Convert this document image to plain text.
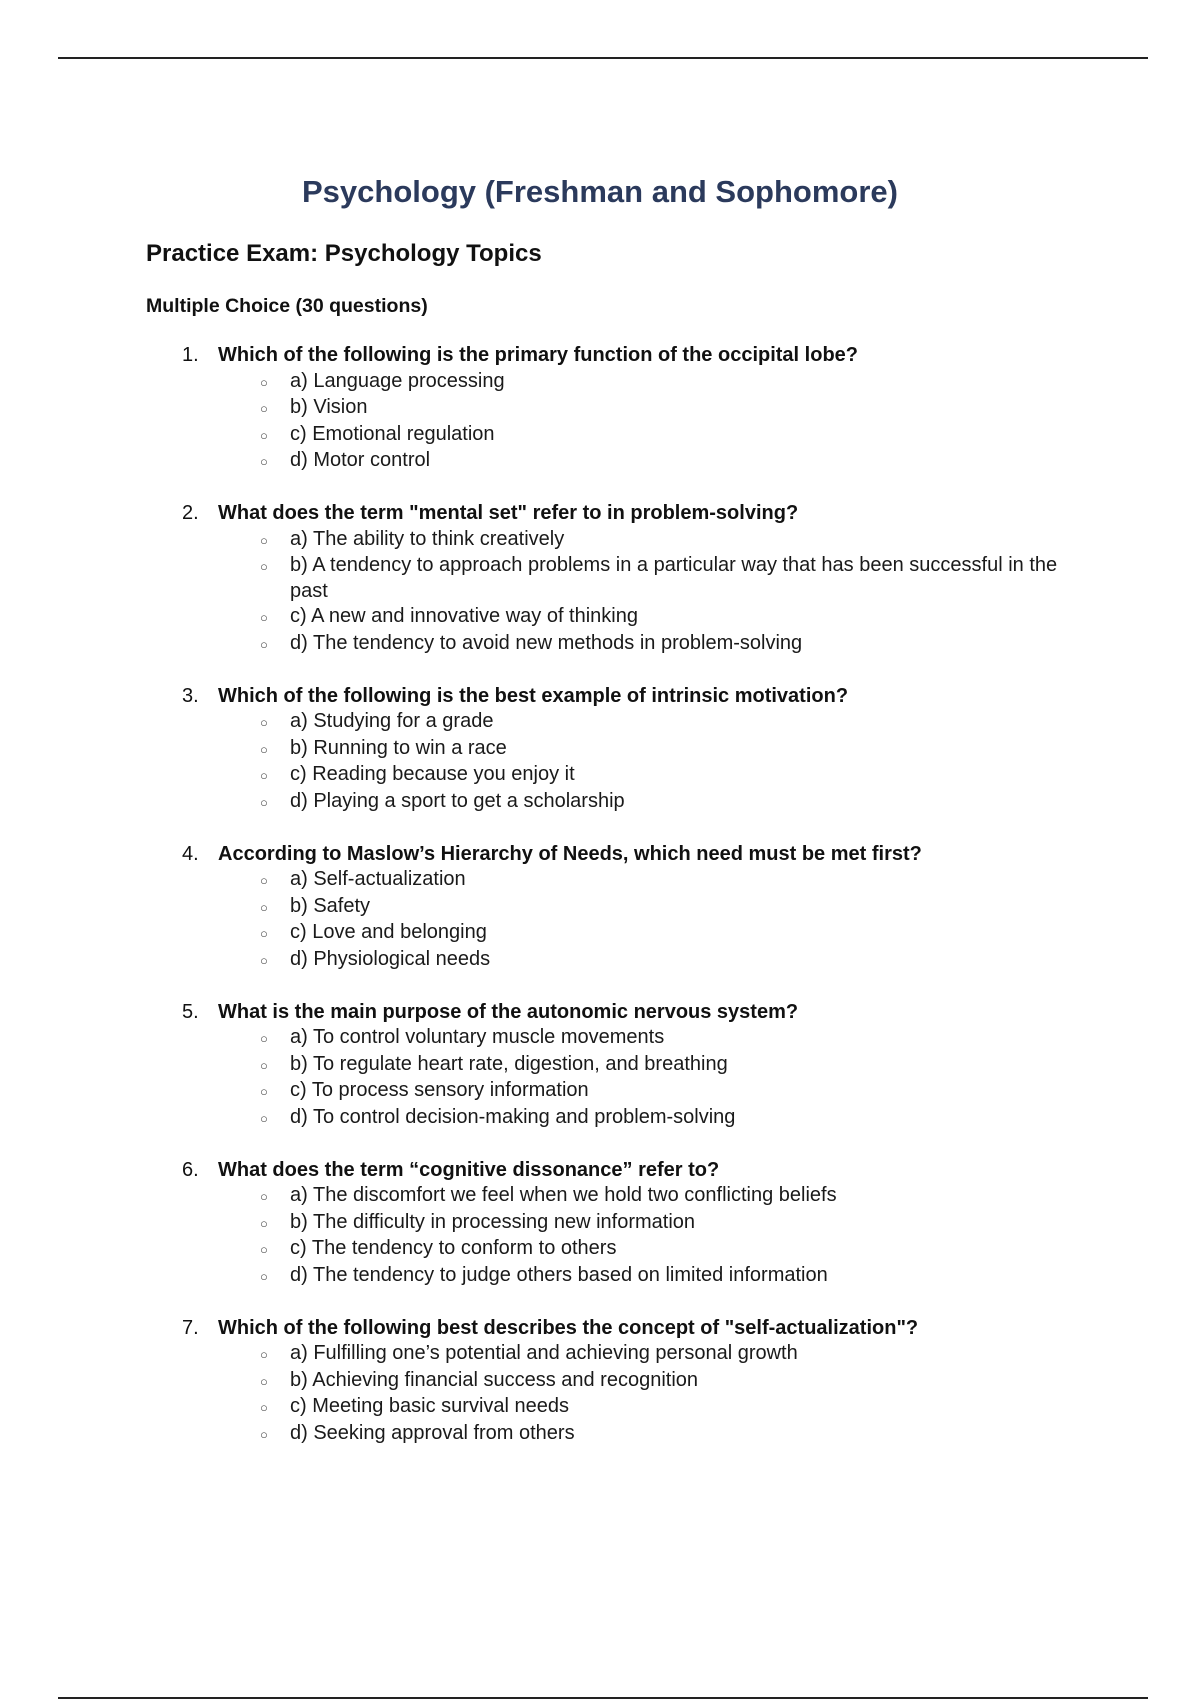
Psychology (Freshman and Sophomore)
Practice Exam: Psychology Topics
Multiple Choice (30 questions)
1. Which of the following is the primary function of the occipital lobe?
○	a) Language processing
○	b) Vision
○	c) Emotional regulation
○	d) Motor control
2. What does the term "mental set" refer to in problem-solving?
○	a) The ability to think creatively
○	b) A tendency to approach problems in a particular way that has been successful in the past
○	c) A new and innovative way of thinking
○	d) The tendency to avoid new methods in problem-solving
3. Which of the following is the best example of intrinsic motivation?
○	a) Studying for a grade
○	b) Running to win a race
○	c) Reading because you enjoy it
○	d) Playing a sport to get a scholarship
4. According to Maslow’s Hierarchy of Needs, which need must be met first?
○	a) Self-actualization
○	b) Safety
○	c) Love and belonging
○	d) Physiological needs
5. What is the main purpose of the autonomic nervous system?
○	a) To control voluntary muscle movements
○	b) To regulate heart rate, digestion, and breathing
○	c) To process sensory information
○	d) To control decision-making and problem-solving
6. What does the term “cognitive dissonance” refer to?
○	a) The discomfort we feel when we hold two conflicting beliefs
○	b) The difficulty in processing new information
○	c) The tendency to conform to others
○	d) The tendency to judge others based on limited information
7. Which of the following best describes the concept of "self-actualization"?
○	a) Fulfilling one’s potential and achieving personal growth
○	b) Achieving financial success and recognition
○	c) Meeting basic survival needs
○	d) Seeking approval from others
